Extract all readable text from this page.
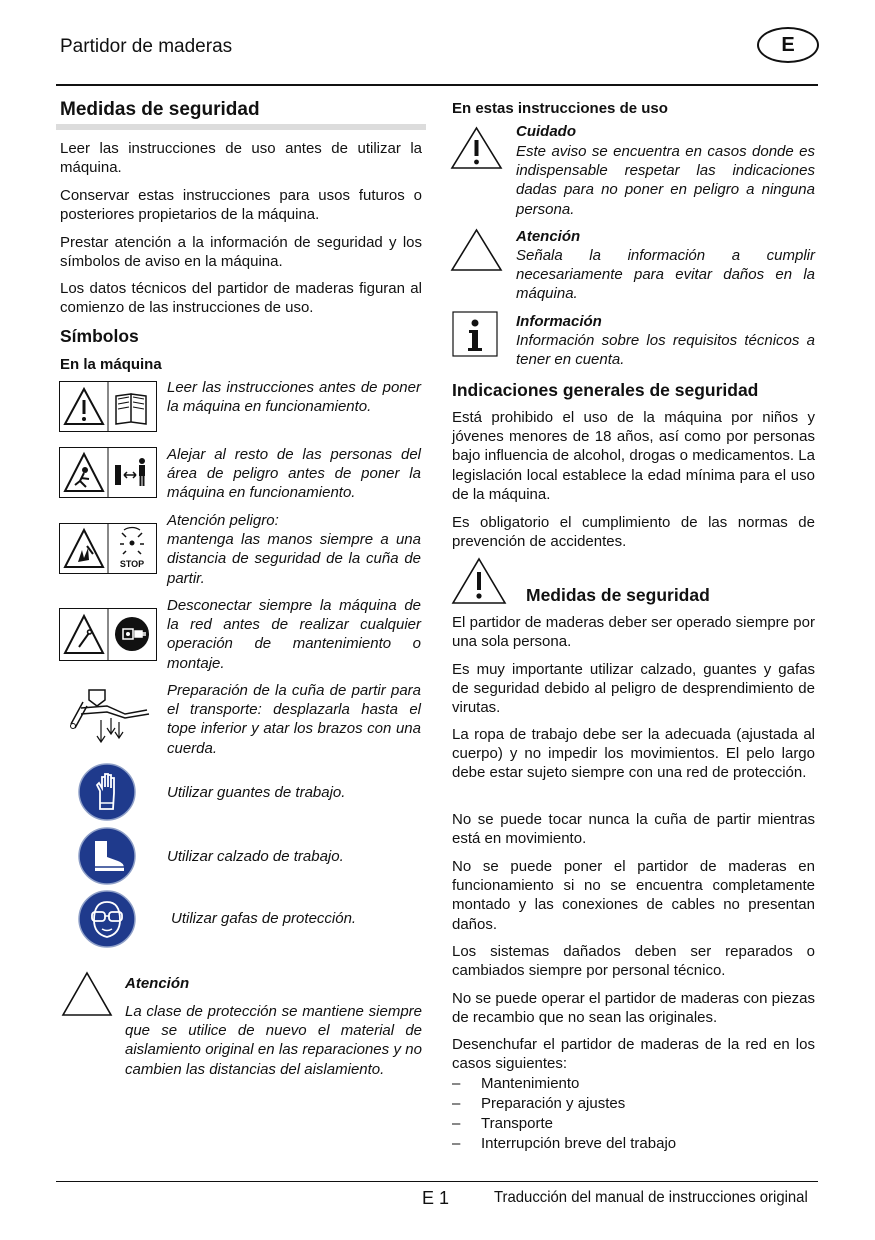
Partidor de maderas	E
Medidas de seguridad
Leer las instrucciones de uso antes de utilizar la máquina.
Conservar estas instrucciones para usos futuros o posteriores propietarios de la máquina.
Prestar atención a la información de seguridad y los símbolos de aviso en la máquina.
Los datos técnicos del partidor de maderas figuran al comienzo de las instrucciones de uso.
Símbolos
En la máquina
Leer las instrucciones antes de poner la máquina en funcionamiento.
Alejar al resto de las personas del área de peligro antes de poner la máquina en funcionamiento.
STOP
Atención peligro:
mantenga las manos siempre a una distancia de seguridad de la cuña de partir.
Desconectar siempre la máquina de la red antes de realizar cualquier operación de mantenimiento o montaje.
Preparación de la cuña de partir para el transporte: desplazarla hasta el tope inferior y atar los brazos con una cuerda.
Utilizar guantes de trabajo.
Utilizar calzado de trabajo.
Utilizar gafas de protección.
Atención
La clase de protección se mantiene siempre que se utilice de nuevo el material de aislamiento original en las reparaciones y no cambien las distancias del aislamiento.
En estas instrucciones de uso
Cuidado
Este aviso se encuentra en casos donde es indispensable respetar las indicaciones dadas para no poner en peligro a ninguna persona.
Atención
Señala la información a cumplir necesariamente para evitar daños en la máquina.
Información
Información sobre los requisitos técnicos a tener en cuenta.
Indicaciones generales de seguridad
Está prohibido el uso de la máquina por niños y jóvenes menores de 18 años, así como por personas bajo influencia de alcohol, drogas o medicamentos. La legislación local establece la edad mínima para el uso de la máquina.
Es obligatorio el cumplimiento de las normas de prevención de accidentes.
Medidas de seguridad
El partidor de maderas deber ser operado siempre por una sola persona.
Es muy importante utilizar calzado, guantes y gafas de seguridad debido al peligro de desprendimiento de virutas.
La ropa de trabajo debe ser la adecuada (ajustada al cuerpo) y no impedir los movimientos. El pelo largo debe estar sujeto siempre con una red de protección.
No se puede tocar nunca la cuña de partir mientras está en movimiento.
No se puede poner el partidor de maderas en funcionamiento si no se encuentra completamente montado y las conexiones de cables no presentan daños.
Los sistemas dañados deben ser reparados o cambiados siempre por personal técnico.
No se puede operar el partidor de maderas con piezas de recambio que no sean las originales.
Desenchufar el partidor de maderas de la red en los casos siguientes:
– Mantenimiento
– Preparación y ajustes
– Transporte
– Interrupción breve del trabajo
E 1	Traducción del manual de instrucciones original
